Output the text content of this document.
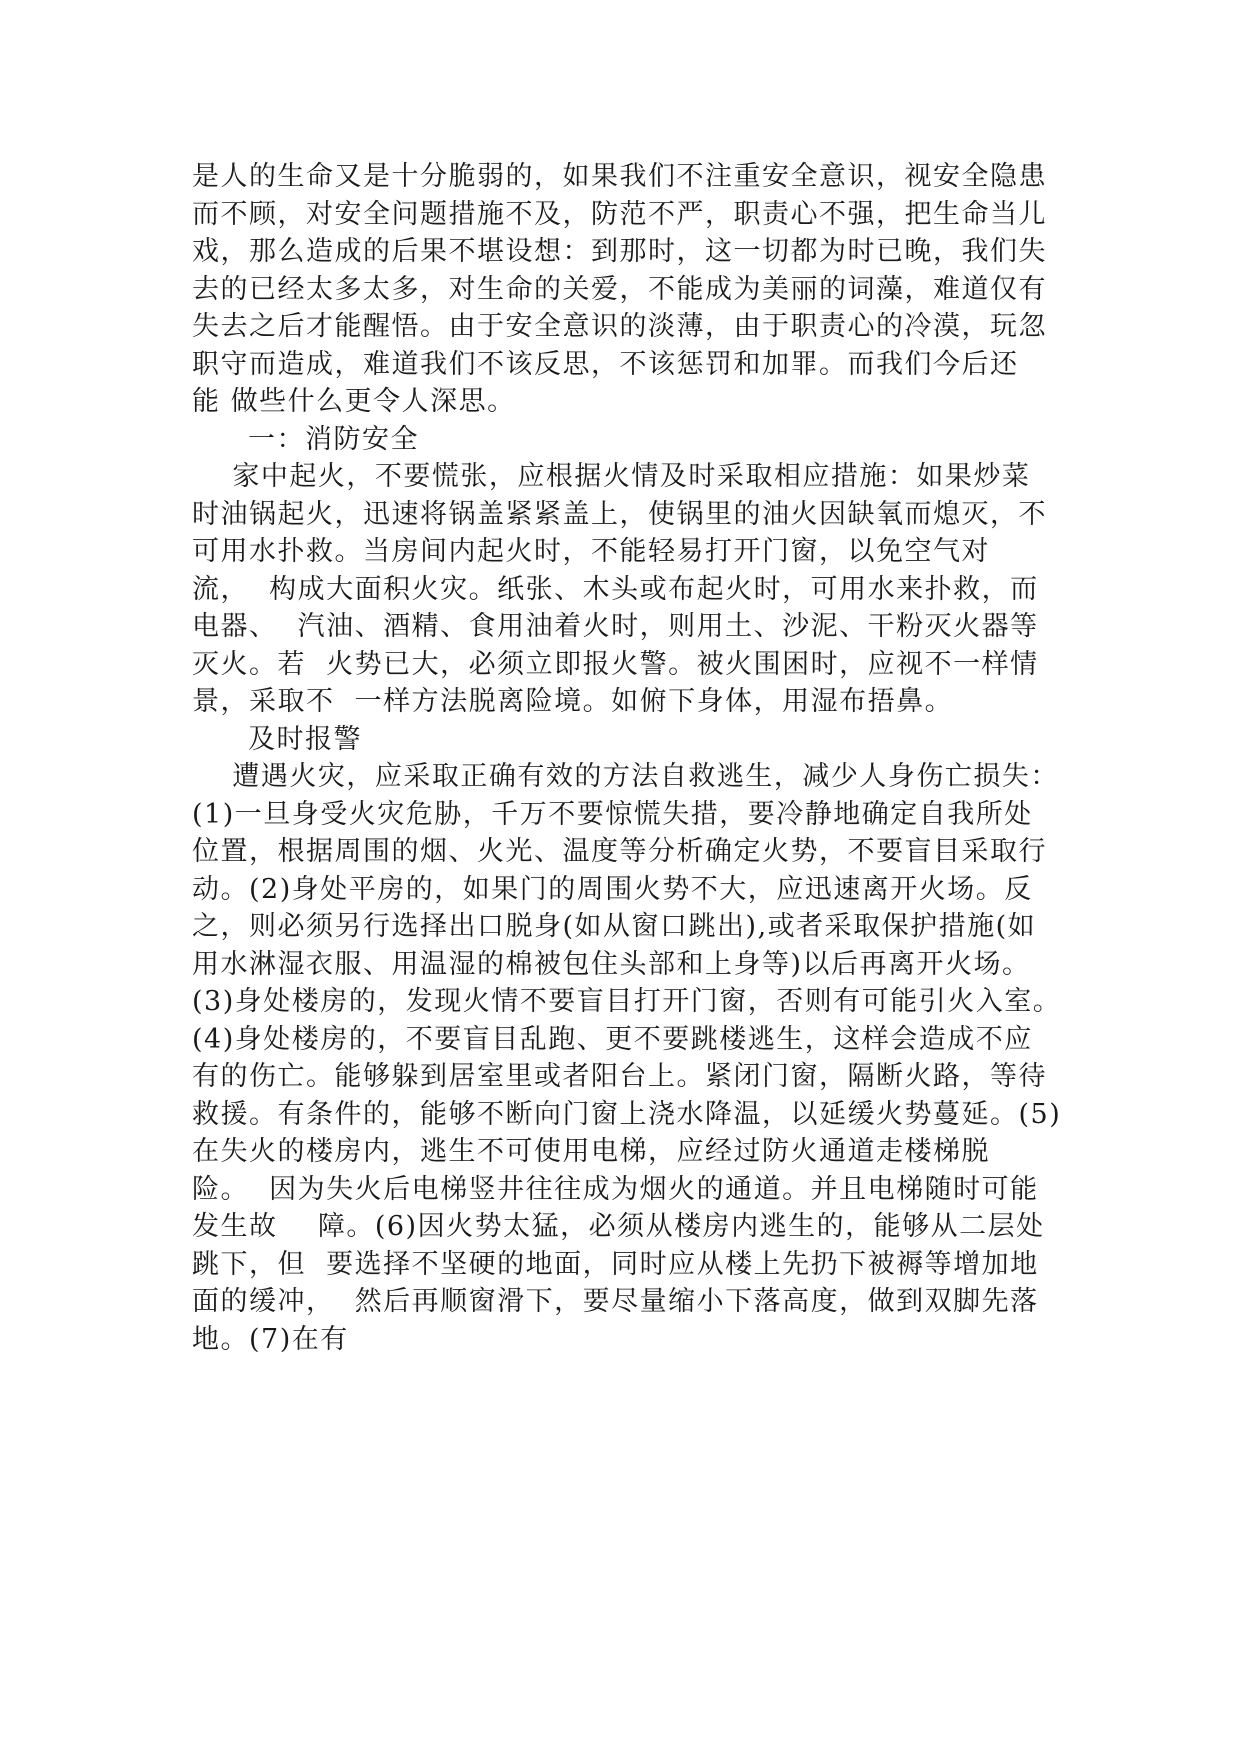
是人的生命又是十分脆弱的，如果我们不注重安全意识，视安全隐患
而不顾，对安全问题措施不及，防范不严，职责心不强，把生命当儿
戏，那么造成的后果不堪设想：到那时，这一切都为时已晚，我们失
去的已经太多太多，对生命的关爱，不能成为美丽的词藻，难道仅有
失去之后才能醒悟。由于安全意识的淡薄，由于职责心的冷漠，玩忽
职守而造成，难道我们不该反思，不该惩罚和加罪。而我们今后还
能 做些什么更令人深思。
一：消防安全
家中起火，不要慌张，应根据火情及时采取相应措施：如果炒菜
时油锅起火，迅速将锅盖紧紧盖上，使锅里的油火因缺氧而熄灭，不
可用水扑救。当房间内起火时，不能轻易打开门窗，以免空气对
流，  构成大面积火灾。纸张、木头或布起火时，可用水来扑救，而
电器、  汽油、酒精、食用油着火时，则用土、沙泥、干粉灭火器等
灭火。若  火势已大，必须立即报火警。被火围困时，应视不一样情
景，采取不  一样方法脱离险境。如俯下身体，用湿布捂鼻。
及时报警
遭遇火灾，应采取正确有效的方法自救逃生，减少人身伤亡损失：
(1)一旦身受火灾危胁，千万不要惊慌失措，要冷静地确定自我所处
位置，根据周围的烟、火光、温度等分析确定火势，不要盲目采取行
动。(2)身处平房的，如果门的周围火势不大，应迅速离开火场。反
之，则必须另行选择出口脱身(如从窗口跳出),或者采取保护措施(如
用水淋湿衣服、用温湿的棉被包住头部和上身等)以后再离开火场。
(3)身处楼房的，发现火情不要盲目打开门窗，否则有可能引火入室。
(4)身处楼房的，不要盲目乱跑、更不要跳楼逃生，这样会造成不应
有的伤亡。能够躲到居室里或者阳台上。紧闭门窗，隔断火路，等待
救援。有条件的，能够不断向门窗上浇水降温，以延缓火势蔓延。(5)
在失火的楼房内，逃生不可使用电梯，应经过防火通道走楼梯脱
险。  因为失火后电梯竖井往往成为烟火的通道。并且电梯随时可能
发生故    障。(6)因火势太猛，必须从楼房内逃生的，能够从二层处
跳下，但  要选择不坚硬的地面，同时应从楼上先扔下被褥等增加地
面的缓冲，  然后再顺窗滑下，要尽量缩小下落高度，做到双脚先落
地。(7)在有
